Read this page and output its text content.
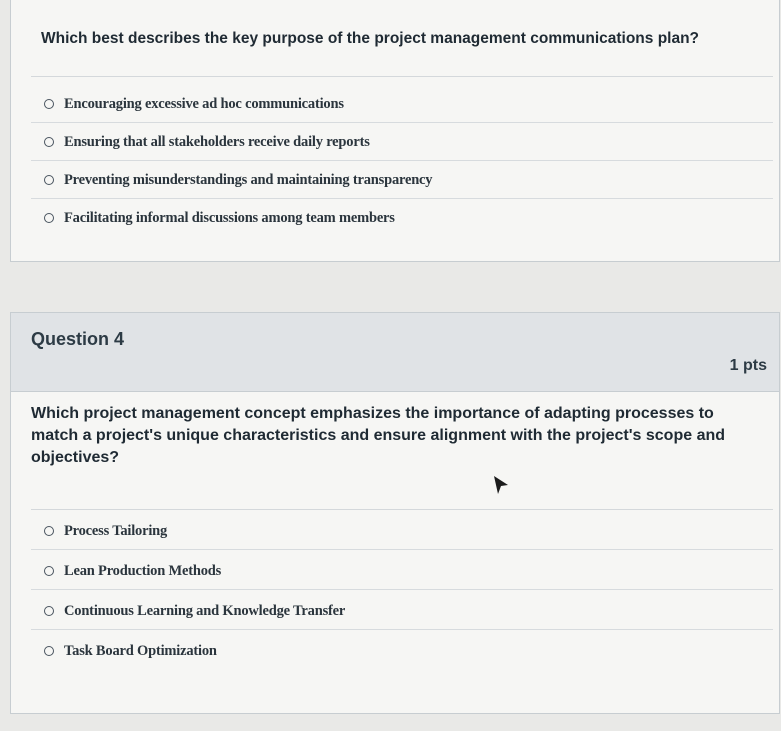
Which best describes the key purpose of the project management communications plan?
Encouraging excessive ad hoc communications
Ensuring that all stakeholders receive daily reports
Preventing misunderstandings and maintaining transparency
Facilitating informal discussions among team members
Question 4
1 pts
Which project management concept emphasizes the importance of adapting processes to match a project's unique characteristics and ensure alignment with the project's scope and objectives?
Process Tailoring
Lean Production Methods
Continuous Learning and Knowledge Transfer
Task Board Optimization
